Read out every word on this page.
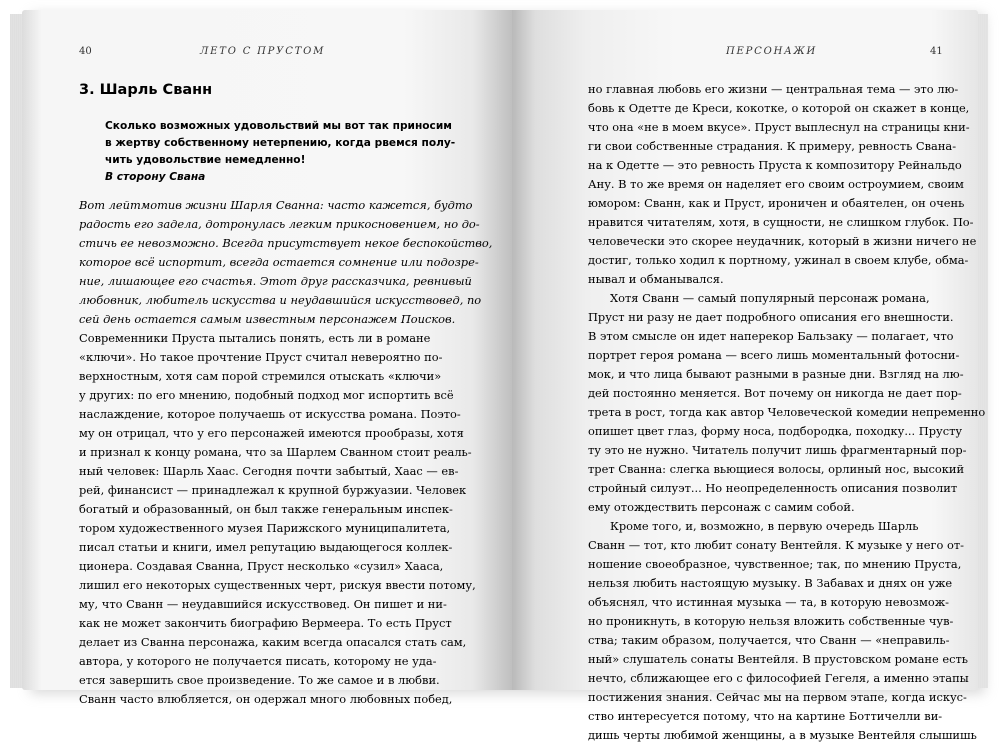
40	ЛЕТО С ПРУСТОМ
3. Шарль Сванн
Сколько возможных удовольствий мы вот так приносим
в жертву собственному нетерпению, когда рвемся полу-
чить удовольствие немедленно!
В сторону Свана
Вот лейтмотив жизни Шарля Сванна: часто кажется, будто
радость его задела, дотронулась легким прикосновением, но до-
стичь ее невозможно. Всегда присутствует некое беспокойство,
которое всё испортит, всегда остается сомнение или подозре-
ние, лишающее его счастья. Этот друг рассказчика, ревнивый
любовник, любитель искусства и неудавшийся искусствовед, по
сей день остается самым известным персонажем Поисков.
Современники Пруста пытались понять, есть ли в романе
«ключи». Но такое прочтение Пруст считал невероятно по-
верхностным, хотя сам порой стремился отыскать «ключи»
у других: по его мнению, подобный подход мог испортить всё
наслаждение, которое получаешь от искусства романа. Поэто-
му он отрицал, что у его персонажей имеются прообразы, хотя
и признал к концу романа, что за Шарлем Сванном стоит реаль-
ный человек: Шарль Хаас. Сегодня почти забытый, Хаас — ев-
рей, финансист — принадлежал к крупной буржуазии. Человек
богатый и образованный, он был также генеральным инспек-
тором художественного музея Парижского муниципалитета,
писал статьи и книги, имел репутацию выдающегося коллек-
ционера. Создавая Сванна, Пруст несколько «сузил» Хааса,
лишил его некоторых существенных черт, рискуя ввести потому,
му, что Сванн — неудавшийся искусствовед. Он пишет и ни-
как не может закончить биографию Вермеера. То есть Пруст
делает из Сванна персонажа, каким всегда опасался стать сам,
автора, у которого не получается писать, которому не уда-
ется завершить свое произведение. То же самое и в любви.
Сванн часто влюбляется, он одержал много любовных побед,
ПЕРСОНАЖИ	41
но главная любовь его жизни — центральная тема — это лю-
бовь к Одетте де Креси, кокотке, о которой он скажет в конце,
что она «не в моем вкусе». Пруст выплеснул на страницы кни-
ги свои собственные страдания. К примеру, ревность Свана-
на к Одетте — это ревность Пруста к композитору Рейнальдо
Ану. В то же время он наделяет его своим остроумием, своим
юмором: Сванн, как и Пруст, ироничен и обаятелен, он очень
нравится читателям, хотя, в сущности, не слишком глубок. По-
человечески это скорее неудачник, который в жизни ничего не
достиг, только ходил к портному, ужинал в своем клубе, обма-
нывал и обманывался.
Хотя Сванн — самый популярный персонаж романа,
Пруст ни разу не дает подробного описания его внешности.
В этом смысле он идет наперекор Бальзаку — полагает, что
портрет героя романа — всего лишь моментальный фотосни-
мок, и что лица бывают разными в разные дни. Взгляд на лю-
дей постоянно меняется. Вот почему он никогда не дает пор-
трета в рост, тогда как автор Человеческой комедии непременно
опишет цвет глаз, форму носа, подбородка, походку... Прусту
ту это не нужно. Читатель получит лишь фрагментарный пор-
трет Сванна: слегка вьющиеся волосы, орлиный нос, высокий
стройный силуэт... Но неопределенность описания позволит
ему отождествить персонаж с самим собой.
Кроме того, и, возможно, в первую очередь Шарль
Сванн — тот, кто любит сонату Вентейля. К музыке у него от-
ношение своеобразное, чувственное; так, по мнению Пруста,
нельзя любить настоящую музыку. В Забавах и днях он уже
объяснял, что истинная музыка — та, в которую невозмож-
но проникнуть, в которую нельзя вложить собственные чув-
ства; таким образом, получается, что Сванн — «неправиль-
ный» слушатель сонаты Вентейля. В прустовском романе есть
нечто, сближающее его с философией Гегеля, а именно этапы
постижения знания. Сейчас мы на первом этапе, когда искус-
ство интересуется потому, что на картине Боттичелли ви-
дишь черты любимой женщины, а в музыке Вентейля слышишь
